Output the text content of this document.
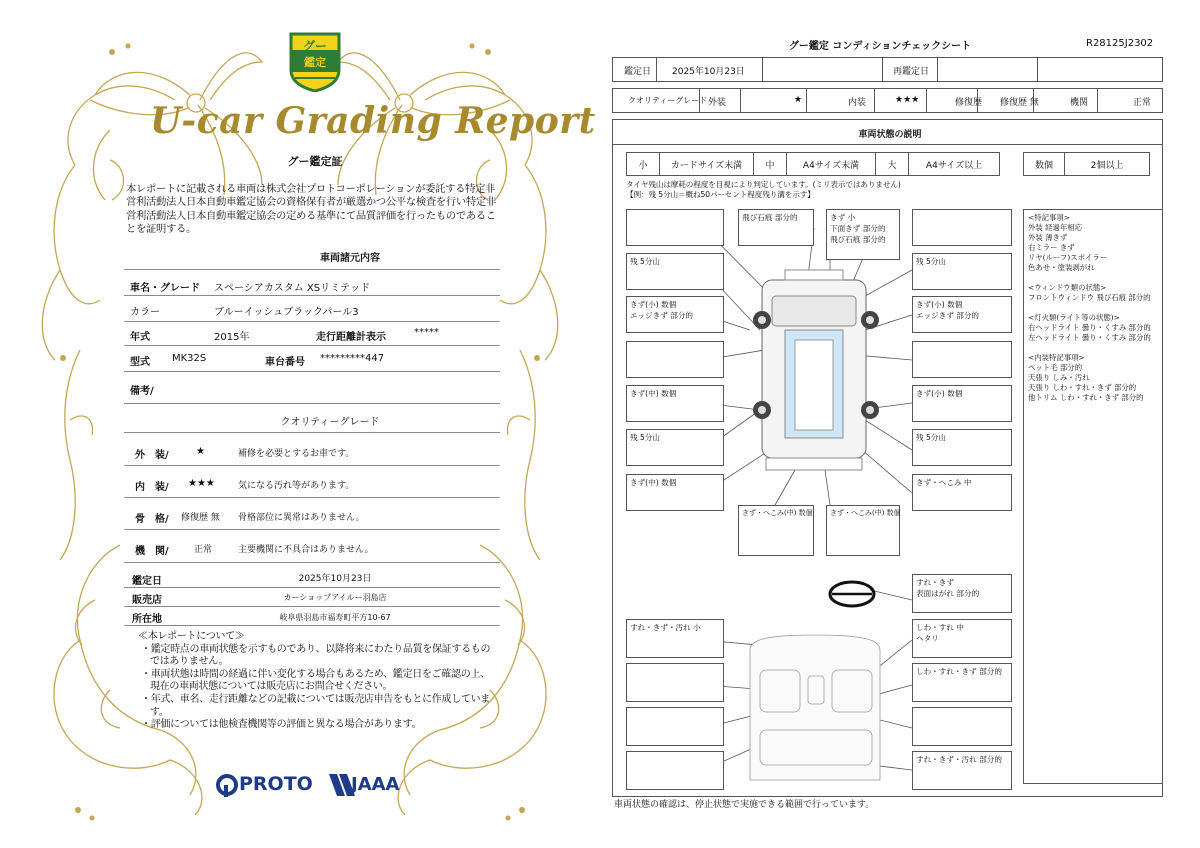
グー
鑑定
U-car Grading Report
グー鑑定証
本レポートに記載される車両は株式会社プロトコーポレーションが委託する特定非営利活動法人日本自動車鑑定協会の資格保有者が厳選かつ公平な検査を行い特定非営利活動法人日本自動車鑑定協会の定める基準にて品質評価を行ったものであることを証明する。
車両諸元内容
車名・グレード スペーシアカスタム XSリミテッド
カラー	ブルーイッシュブラックパール3
年式	2015年	走行距離計表示	*****
型式 MK32S	車台番号 *********447
備考/
クオリティーグレード
外　装/	★	補修を必要とするお車です。
内　装/ ★★★	気になる汚れ等があります。
骨　格/ 修復歴 無 骨格部位に異常はありません。
機　関/	正常	主要機関に不具合はありません。
鑑定日	2025年10月23日
販売店	カーショップアイルー羽島店
所在地	岐阜県羽島市福寿町平方10-67

≪本レポートについて≫

・鑑定時点の車両状態を示すものであり、以降将来にわたり品質を保証するものではありません。

・車両状態は時間の経過に伴い変化する場合もあるため、鑑定日をご確認の上、現在の車両状態については販売店にお問合せください。

・年式、車名、走行距離などの記載については販売店申告をもとに作成しています。

・評価については他検査機関等の評価と異なる場合があります。

PROTO JAAA
グー鑑定 コンディションチェックシート	R28125J2302
鑑定日 2025年10月23日	再鑑定日
クオリティーグレード 外装	★	内装	★★★	修復歴 修復歴 無	機関	正常
車両状態の説明
小	カードサイズ未満	中	A4サイズ未満	大	A4サイズ以上	数個	2個以上
タイヤ残山は摩耗の程度を目視により判定しています。(ミリ表示ではありません)
【例：残 5分山＝概ね50パーセント程度残り溝を示す】
飛び石痕 部分的	きず 小
下面きず 部分的
飛び石痕 部分的
残 5分山
きず(小) 数個
エッジきず 部分的
きず(中) 数個
残 5分山
きず(中) 数個
残 5分山
きず(小) 数個
エッジきず 部分的
きず(小) 数個
残 5分山
きず・へこみ 中
きず・へこみ(中) 数個 きず・へこみ(中) 数個
すれ・きず
表面はがれ 部分的
すれ・きず・汚れ 小	しわ・すれ 中
ヘタリ
しわ・すれ・きず 部分的
すれ・きず・汚れ 部分的

<特記事項>

外装 経過年相応

外装 薄きず

右ミラー きず

リヤ(ルーフ)スポイラー

色あせ・塗装剥がれ

<ウィンドウ類の状態>

フロントウィンドウ 飛び石痕 部分的

<灯火類(ライト等の状態)>

右ヘッドライト 曇り・くすみ 部分的

左ヘッドライト 曇り・くすみ 部分的

<内装特記事項>

ペット毛 部分的

天張り しみ・汚れ

天張り しわ・すれ・きず 部分的

他トリム しわ・すれ・きず 部分的

車両状態の確認は、停止状態で実施できる範囲で行っています。
